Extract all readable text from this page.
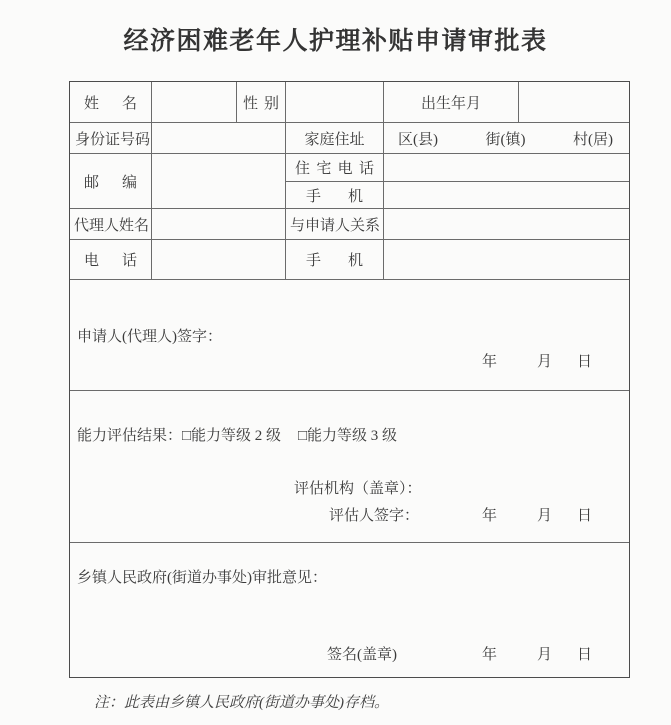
经济困难老年人护理补贴申请审批表
姓　名	性别	出生年月
身份证号码	家庭住址 区(县)	街(镇)	村(居)
邮　编
住宅电话
手　机
代理人姓名	与申请人关系
电　话	手　机
申请人(代理人)签字：
年	月 日
能力评估结果： □能力等级 2 级 □能力等级 3 级
评估机构（盖章）：
评估人签字：	年	月 日
乡镇人民政府(街道办事处)审批意见：
签名(盖章)	年	月 日
注：此表由乡镇人民政府(街道办事处)存档。
